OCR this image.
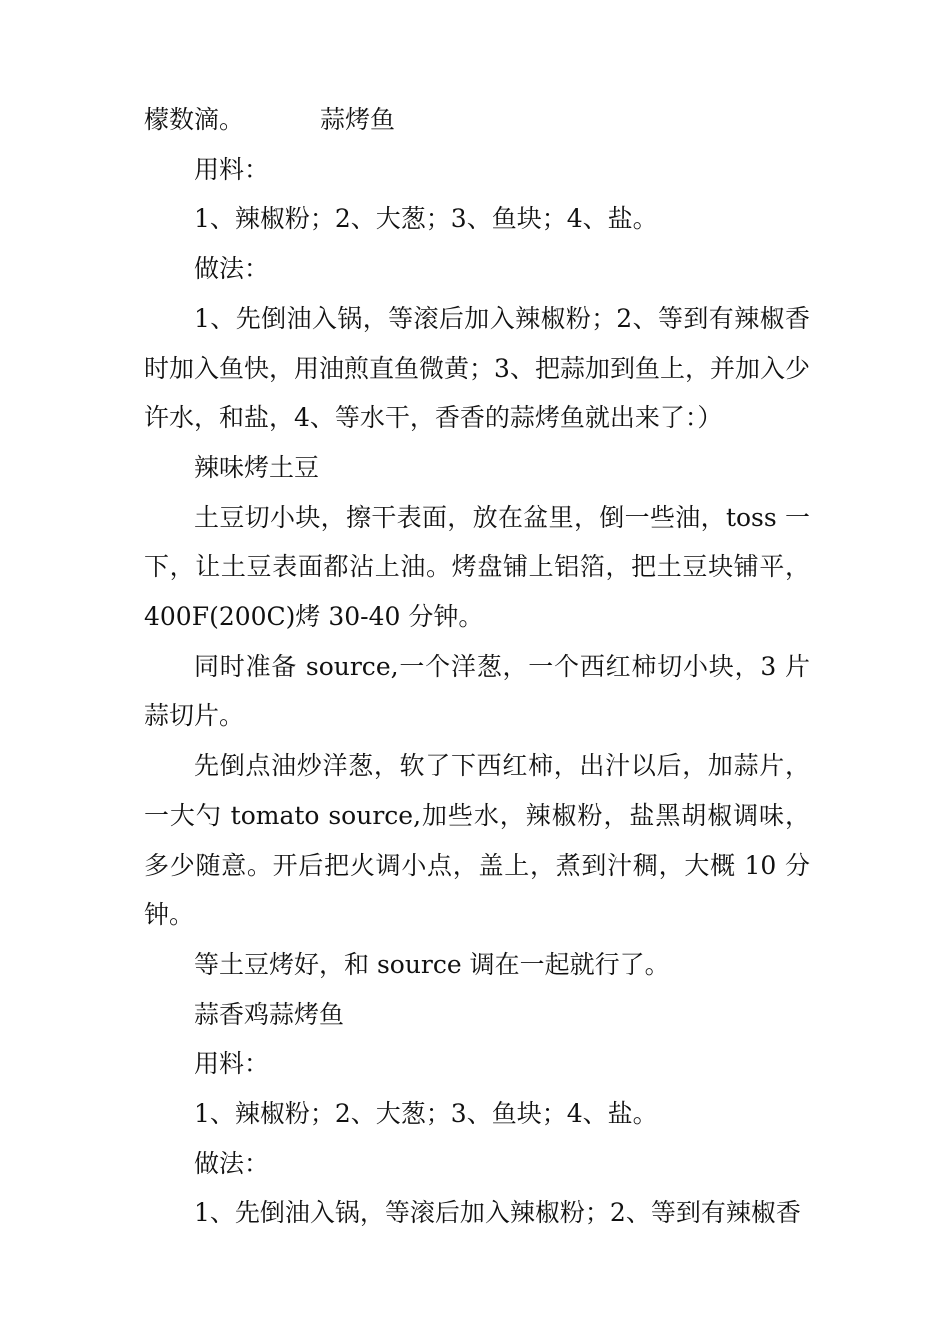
檬数滴。	蒜烤鱼

用料：

1、辣椒粉；2、大葱；3、鱼块；4、盐。

做法：

1、先倒油入锅，等滚后加入辣椒粉；2、等到有辣椒香时加入鱼快，用油煎直鱼微黄；3、把蒜加到鱼上，并加入少许水，和盐，4、等水干，香香的蒜烤鱼就出来了：）

辣味烤土豆

土豆切小块，擦干表面，放在盆里，倒一些油，toss 一下，让土豆表面都沾上油。烤盘铺上铝箔，把土豆块铺平，400F(200C)烤 30-40 分钟。

同时准备 source,一个洋葱，一个西红柿切小块，3 片蒜切片。

先倒点油炒洋葱，软了下西红柿，出汁以后，加蒜片，一大勺 tomato source,加些水，辣椒粉，盐黑胡椒调味，多少随意。开后把火调小点，盖上，煮到汁稠，大概 10 分钟。

等土豆烤好，和 source 调在一起就行了。

蒜香鸡蒜烤鱼

用料：

1、辣椒粉；2、大葱；3、鱼块；4、盐。

做法：

1、先倒油入锅，等滚后加入辣椒粉；2、等到有辣椒香
